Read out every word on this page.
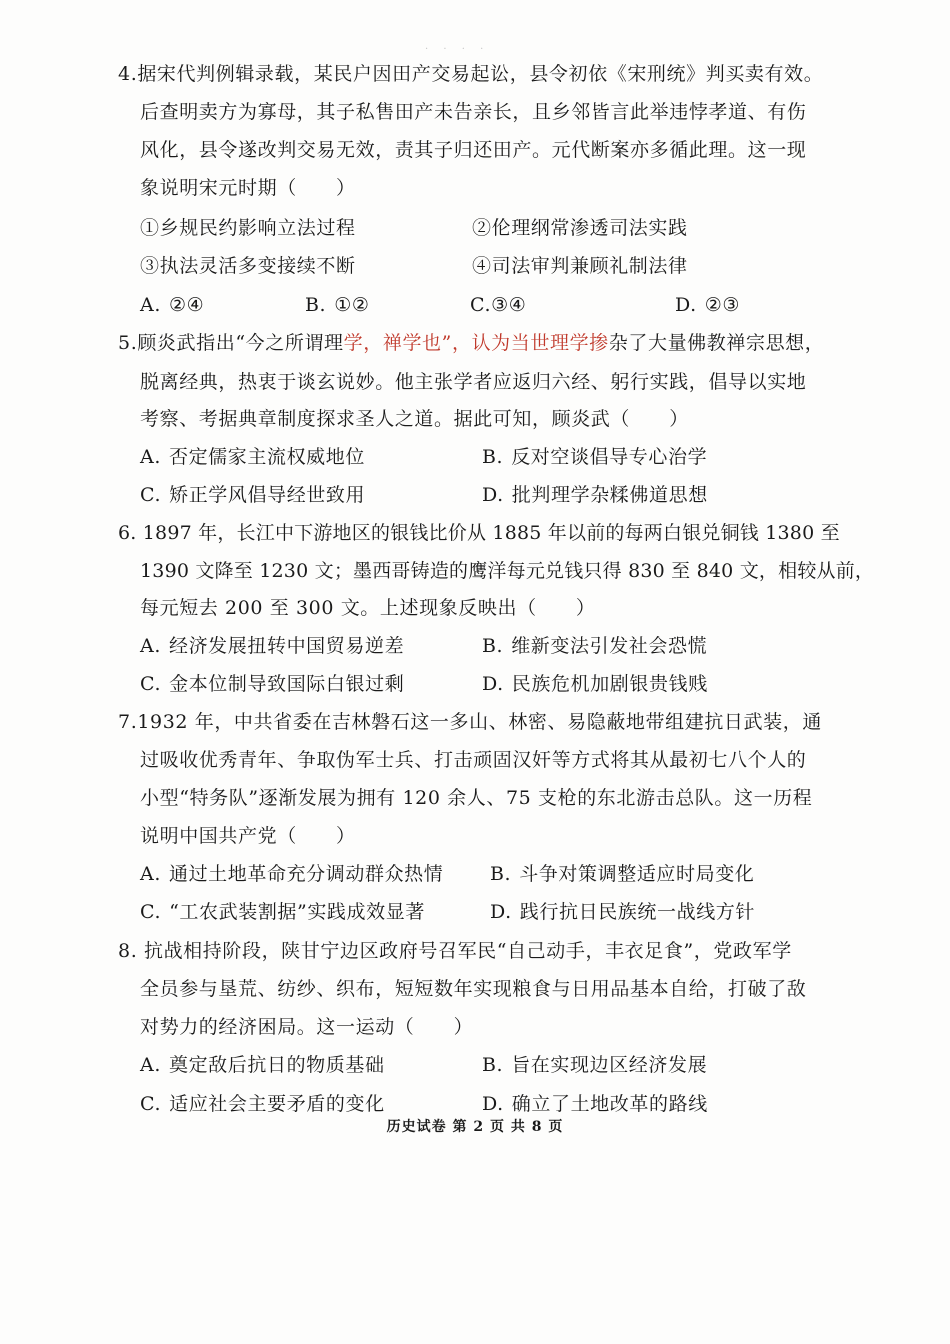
· · · ·
4.据宋代判例辑录载，某民户因田产交易起讼，县令初依《宋刑统》判买卖有效。
后查明卖方为寡母，其子私售田产未告亲长，且乡邻皆言此举违悖孝道、有伤
风化，县令遂改判交易无效，责其子归还田产。元代断案亦多循此理。这一现
象说明宋元时期（　　）
①乡规民约影响立法过程	②伦理纲常渗透司法实践
③执法灵活多变接续不断	④司法审判兼顾礼制法律
A. ②④	B. ①②	C.③④	D. ②③
5.顾炎武指出“今之所谓理学，禅学也”，认为当世理学掺杂了大量佛教禅宗思想，
脱离经典，热衷于谈玄说妙。他主张学者应返归六经、躬行实践，倡导以实地
考察、考据典章制度探求圣人之道。据此可知，顾炎武（　　）
A. 否定儒家主流权威地位	B. 反对空谈倡导专心治学
C. 矫正学风倡导经世致用	D. 批判理学杂糅佛道思想
6. 1897 年，长江中下游地区的银钱比价从 1885 年以前的每两白银兑铜钱 1380 至
1390 文降至 1230 文；墨西哥铸造的鹰洋每元兑钱只得 830 至 840 文，相较从前，
每元短去 200 至 300 文。上述现象反映出（　　）
A. 经济发展扭转中国贸易逆差	B. 维新变法引发社会恐慌
C. 金本位制导致国际白银过剩	D. 民族危机加剧银贵钱贱
7.1932 年，中共省委在吉林磐石这一多山、林密、易隐蔽地带组建抗日武装，通
过吸收优秀青年、争取伪军士兵、打击顽固汉奸等方式将其从最初七八个人的
小型“特务队”逐渐发展为拥有 120 余人、75 支枪的东北游击总队。这一历程
说明中国共产党（　　）
A. 通过土地革命充分调动群众热情 B. 斗争对策调整适应时局变化
C. “工农武装割据”实践成效显著	D. 践行抗日民族统一战线方针
8. 抗战相持阶段，陕甘宁边区政府号召军民“自己动手，丰衣足食”，党政军学
全员参与垦荒、纺纱、织布，短短数年实现粮食与日用品基本自给，打破了敌
对势力的经济困局。这一运动（　　）
A. 奠定敌后抗日的物质基础	B. 旨在实现边区经济发展
C. 适应社会主要矛盾的变化	D. 确立了土地改革的路线
历史试卷 第 2 页 共 8 页
